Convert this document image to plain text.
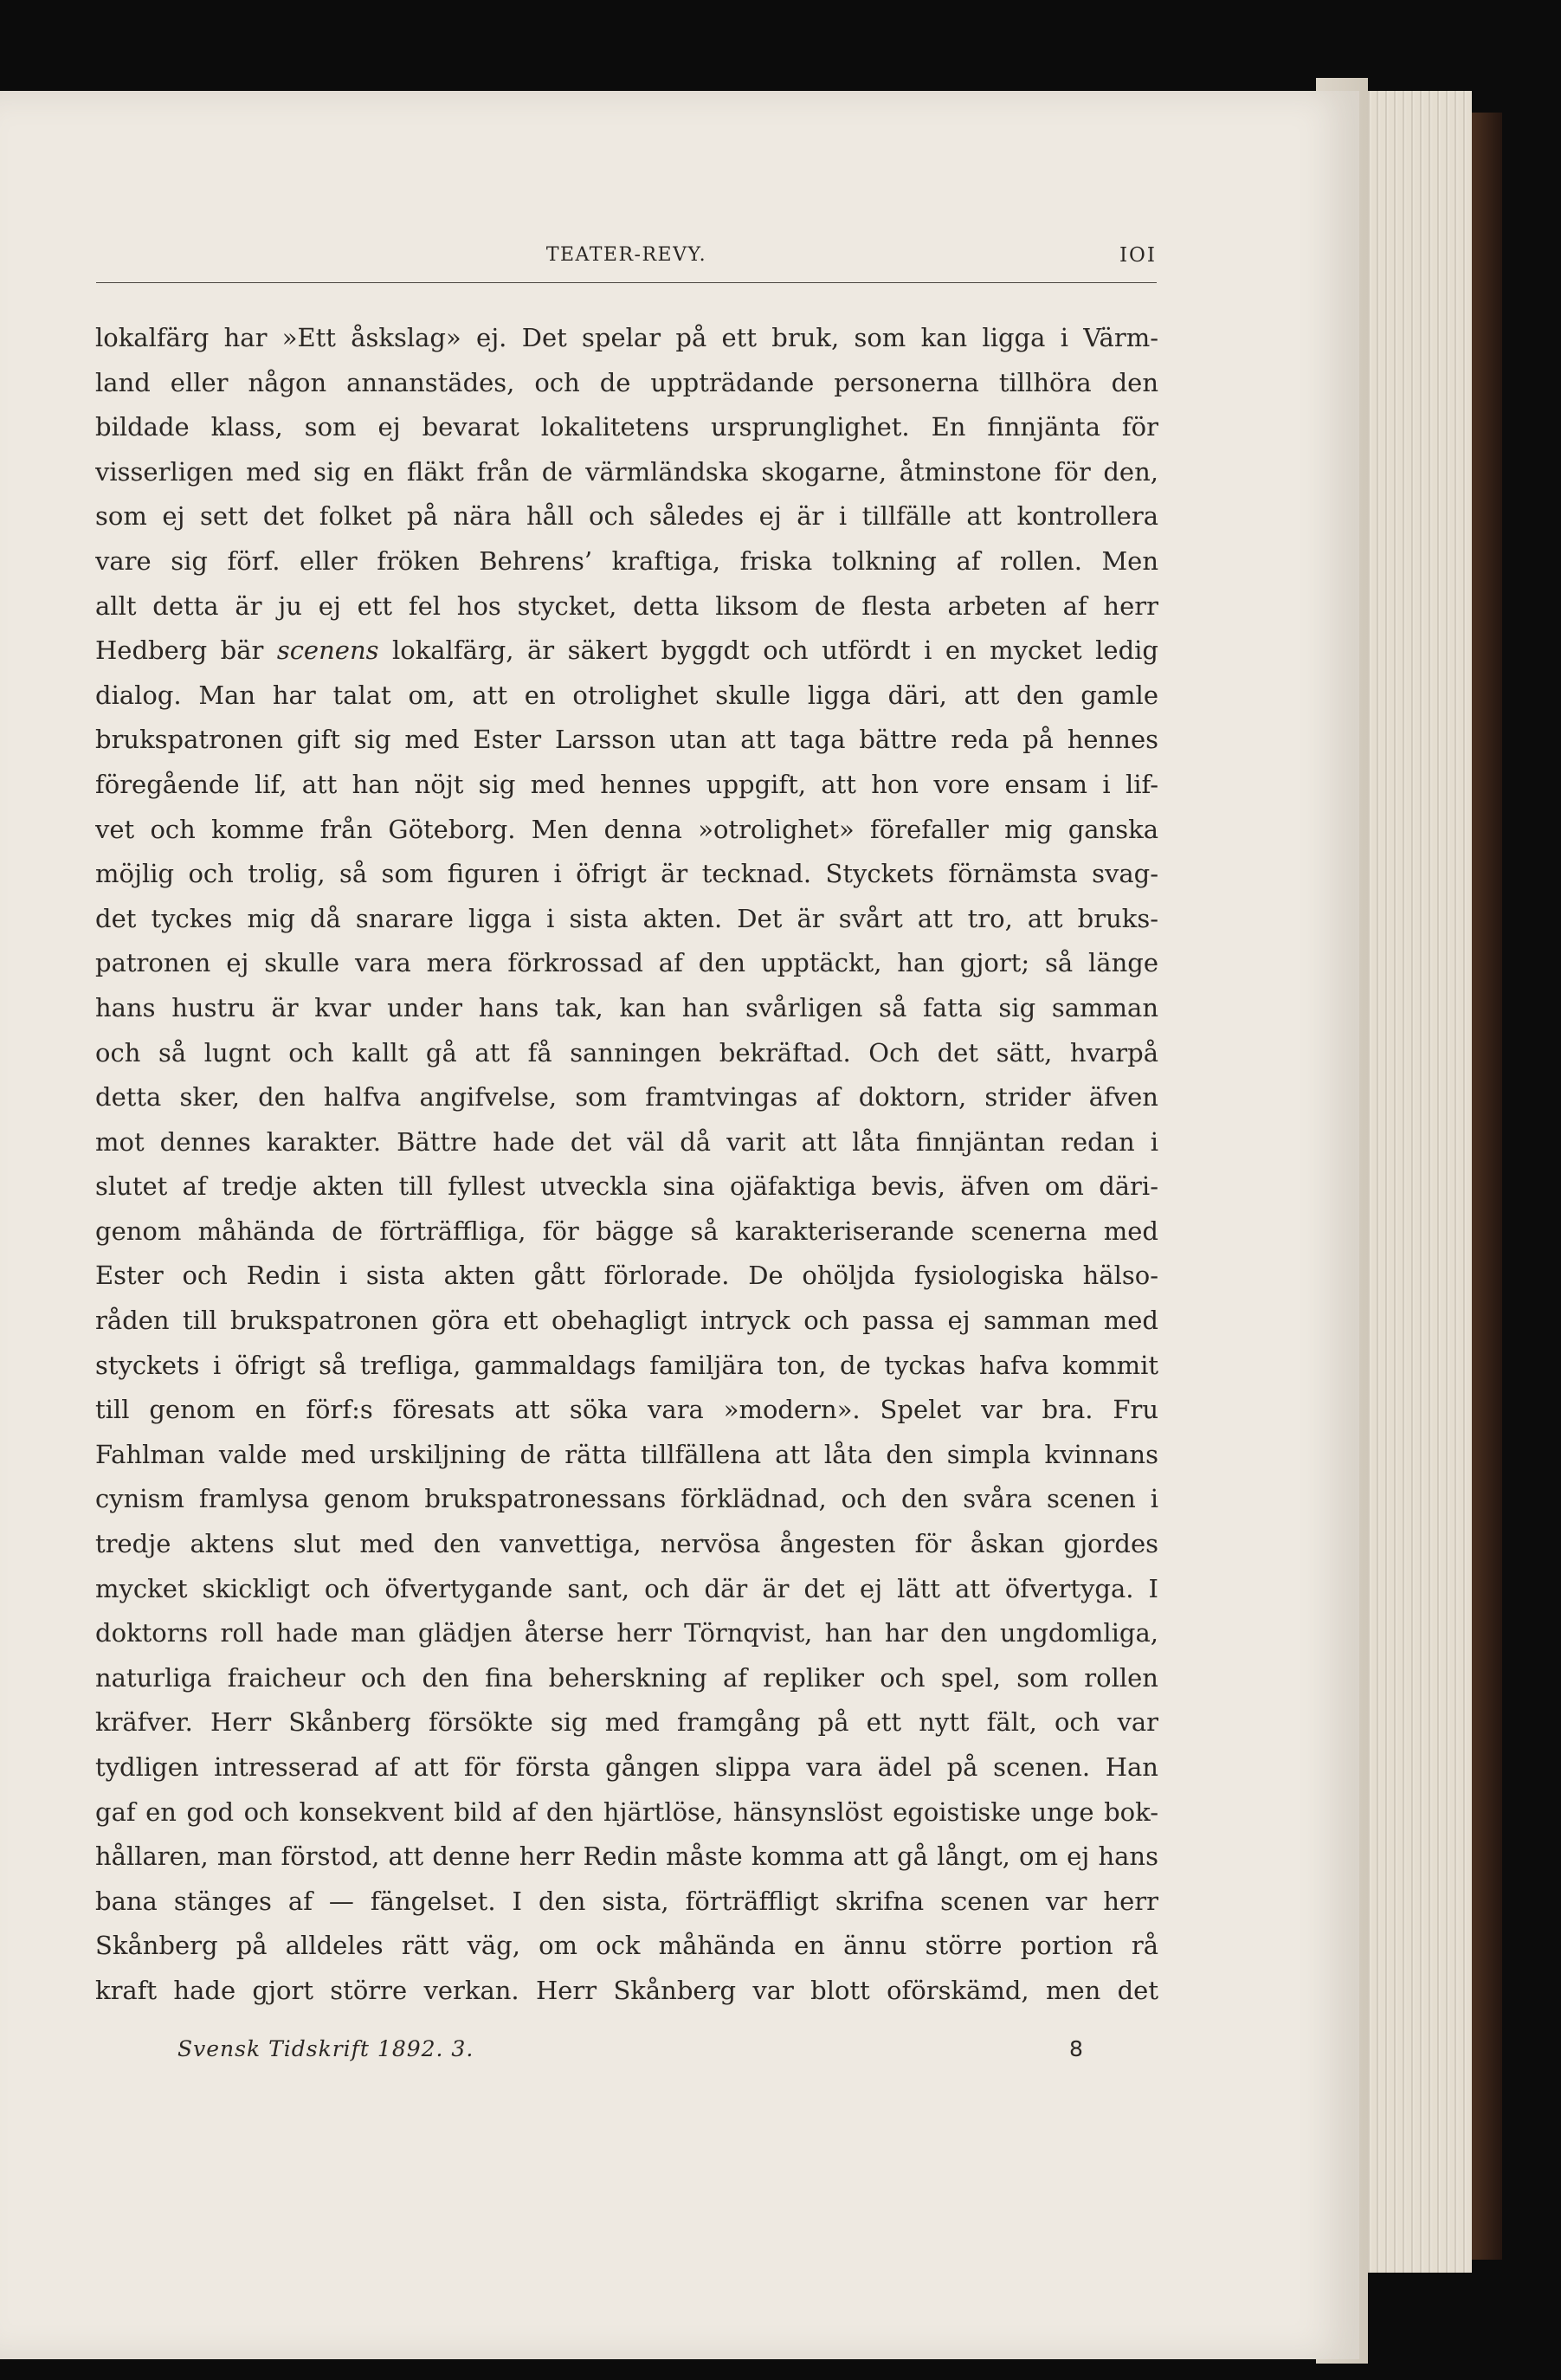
TEATER-REVY.	IOI
lokalfärg har »Ett åskslag» ej. Det spelar på ett bruk, som kan ligga i Värm-
land eller någon annanstädes, och de uppträdande personerna tillhöra den
bildade klass, som ej bevarat lokalitetens ursprunglighet. En finnjänta för
visserligen med sig en fläkt från de värmländska skogarne, åtminstone för den,
som ej sett det folket på nära håll och således ej är i tillfälle att kontrollera
vare sig förf. eller fröken Behrens’ kraftiga, friska tolkning af rollen. Men
allt detta är ju ej ett fel hos stycket, detta liksom de flesta arbeten af herr
Hedberg bär scenens lokalfärg, är säkert byggdt och utfördt i en mycket ledig
dialog. Man har talat om, att en otrolighet skulle ligga däri, att den gamle
brukspatronen gift sig med Ester Larsson utan att taga bättre reda på hennes
föregående lif, att han nöjt sig med hennes uppgift, att hon vore ensam i lif-
vet och komme från Göteborg. Men denna »otrolighet» förefaller mig ganska
möjlig och trolig, så som figuren i öfrigt är tecknad. Styckets förnämsta svag-
det tyckes mig då snarare ligga i sista akten. Det är svårt att tro, att bruks-
patronen ej skulle vara mera förkrossad af den upptäckt, han gjort; så länge
hans hustru är kvar under hans tak, kan han svårligen så fatta sig samman
och så lugnt och kallt gå att få sanningen bekräftad. Och det sätt, hvarpå
detta sker, den halfva angifvelse, som framtvingas af doktorn, strider äfven
mot dennes karakter. Bättre hade det väl då varit att låta finnjäntan redan i
slutet af tredje akten till fyllest utveckla sina ojäfaktiga bevis, äfven om däri-
genom måhända de förträffliga, för bägge så karakteriserande scenerna med
Ester och Redin i sista akten gått förlorade. De ohöljda fysiologiska hälso-
råden till brukspatronen göra ett obehagligt intryck och passa ej samman med
styckets i öfrigt så trefliga, gammaldags familjära ton, de tyckas hafva kommit
till genom en förf:s föresats att söka vara »modern». Spelet var bra. Fru
Fahlman valde med urskiljning de rätta tillfällena att låta den simpla kvinnans
cynism framlysa genom brukspatronessans förklädnad, och den svåra scenen i
tredje aktens slut med den vanvettiga, nervösa ångesten för åskan gjordes
mycket skickligt och öfvertygande sant, och där är det ej lätt att öfvertyga. I
doktorns roll hade man glädjen återse herr Törnqvist, han har den ungdomliga,
naturliga fraicheur och den fina beherskning af repliker och spel, som rollen
kräfver. Herr Skånberg försökte sig med framgång på ett nytt fält, och var
tydligen intresserad af att för första gången slippa vara ädel på scenen. Han
gaf en god och konsekvent bild af den hjärtlöse, hänsynslöst egoistiske unge bok-
hållaren, man förstod, att denne herr Redin måste komma att gå långt, om ej hans
bana stänges af — fängelset. I den sista, förträffligt skrifna scenen var herr
Skånberg på alldeles rätt väg, om ock måhända en ännu större portion rå
kraft hade gjort större verkan. Herr Skånberg var blott oförskämd, men det
Svensk Tidskrift 1892. 3.	8
